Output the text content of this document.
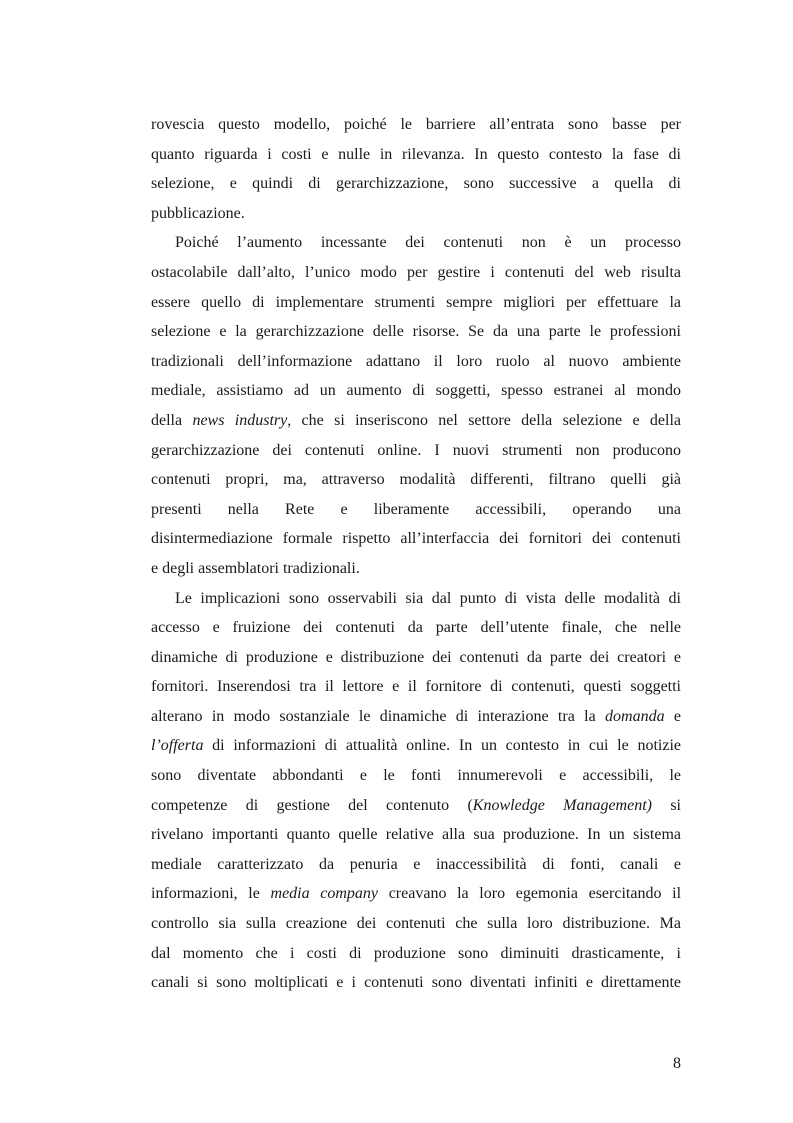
rovescia questo modello, poiché le barriere all’entrata sono basse per
quanto riguarda i costi e nulle in rilevanza. In questo contesto la fase di
selezione, e quindi di gerarchizzazione, sono successive a quella di
pubblicazione.
Poiché l’aumento incessante dei contenuti non è un processo
ostacolabile dall’alto, l’unico modo per gestire i contenuti del web risulta
essere quello di implementare strumenti sempre migliori per effettuare la
selezione e la gerarchizzazione delle risorse. Se da una parte le professioni
tradizionali dell’informazione adattano il loro ruolo al nuovo ambiente
mediale, assistiamo ad un aumento di soggetti, spesso estranei al mondo
della news industry, che si inseriscono nel settore della selezione e della
gerarchizzazione dei contenuti online. I nuovi strumenti non producono
contenuti propri, ma, attraverso modalità differenti, filtrano quelli già
presenti nella Rete e liberamente accessibili, operando una
disintermediazione formale rispetto all’interfaccia dei fornitori dei contenuti
e degli assemblatori tradizionali.
Le implicazioni sono osservabili sia dal punto di vista delle modalità di
accesso e fruizione dei contenuti da parte dell’utente finale, che nelle
dinamiche di produzione e distribuzione dei contenuti da parte dei creatori e
fornitori. Inserendosi tra il lettore e il fornitore di contenuti, questi soggetti
alterano in modo sostanziale le dinamiche di interazione tra la domanda e
l’offerta di informazioni di attualità online. In un contesto in cui le notizie
sono diventate abbondanti e le fonti innumerevoli e accessibili, le
competenze di gestione del contenuto (Knowledge Management) si
rivelano importanti quanto quelle relative alla sua produzione. In un sistema
mediale caratterizzato da penuria e inaccessibilità di fonti, canali e
informazioni, le media company creavano la loro egemonia esercitando il
controllo sia sulla creazione dei contenuti che sulla loro distribuzione. Ma
dal momento che i costi di produzione sono diminuiti drasticamente, i
canali si sono moltiplicati e i contenuti sono diventati infiniti e direttamente
8
